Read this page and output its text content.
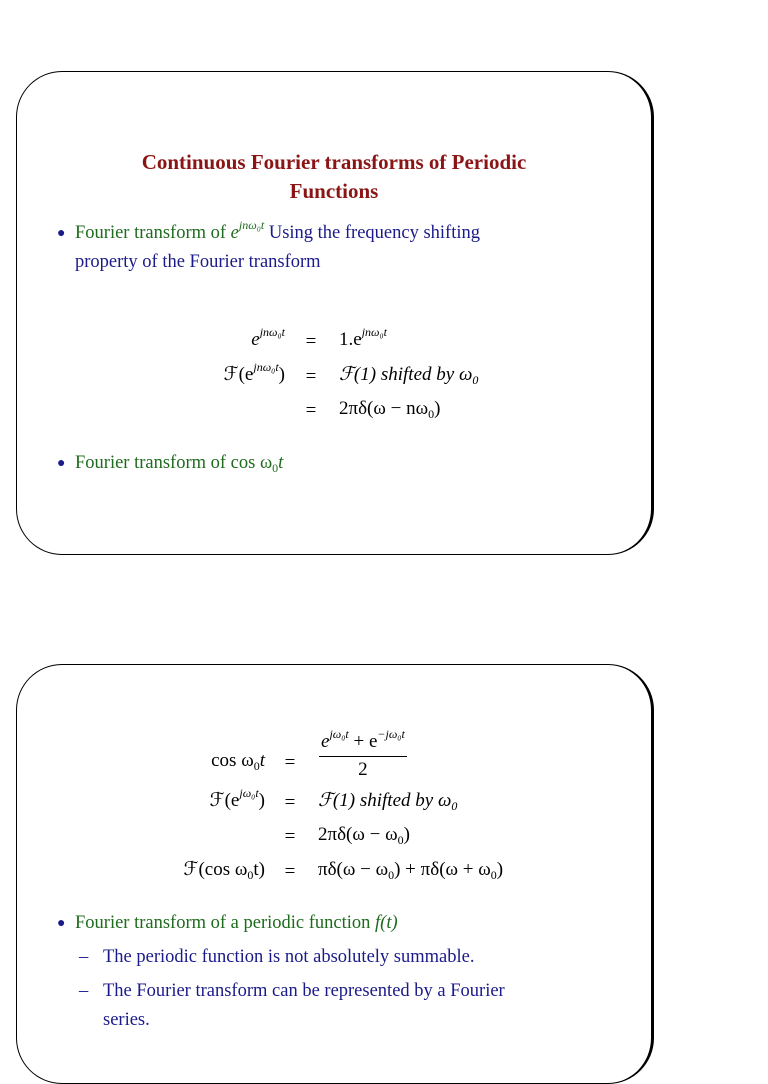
Continuous Fourier transforms of Periodic
Functions
● Fourier transform of $e^{jn\omega_0t}$ Using the frequency shifting
property of the Fourier transform
$e^{jn\omega_0t} = 1.e^{jn\omega_0t}$
$ℱ(e^{jn\omega_0t})$ = ℱ(1) shifted by $\omega_0$
= $2\pi\delta(\omega - n\omega_0)$
● Fourier transform of $\cos \omega_0t$
$\cos \omega_0t$ =
$e^{j\omega_0t} + e^{-j\omega_0t}$
2
$ℱ(e^{j\omega_0t})$ = ℱ(1) shifted by $\omega_0$
= $2\pi\delta(\omega - \omega_0)$
ℱ(cos $\omega_0t) = \pi\delta(\omega - \omega_0) + \pi\delta(\omega + \omega_0)$
● Fourier transform of a periodic function f(t)
– The periodic function is not absolutely summable.
– The Fourier transform can be represented by a Fourier
series.
